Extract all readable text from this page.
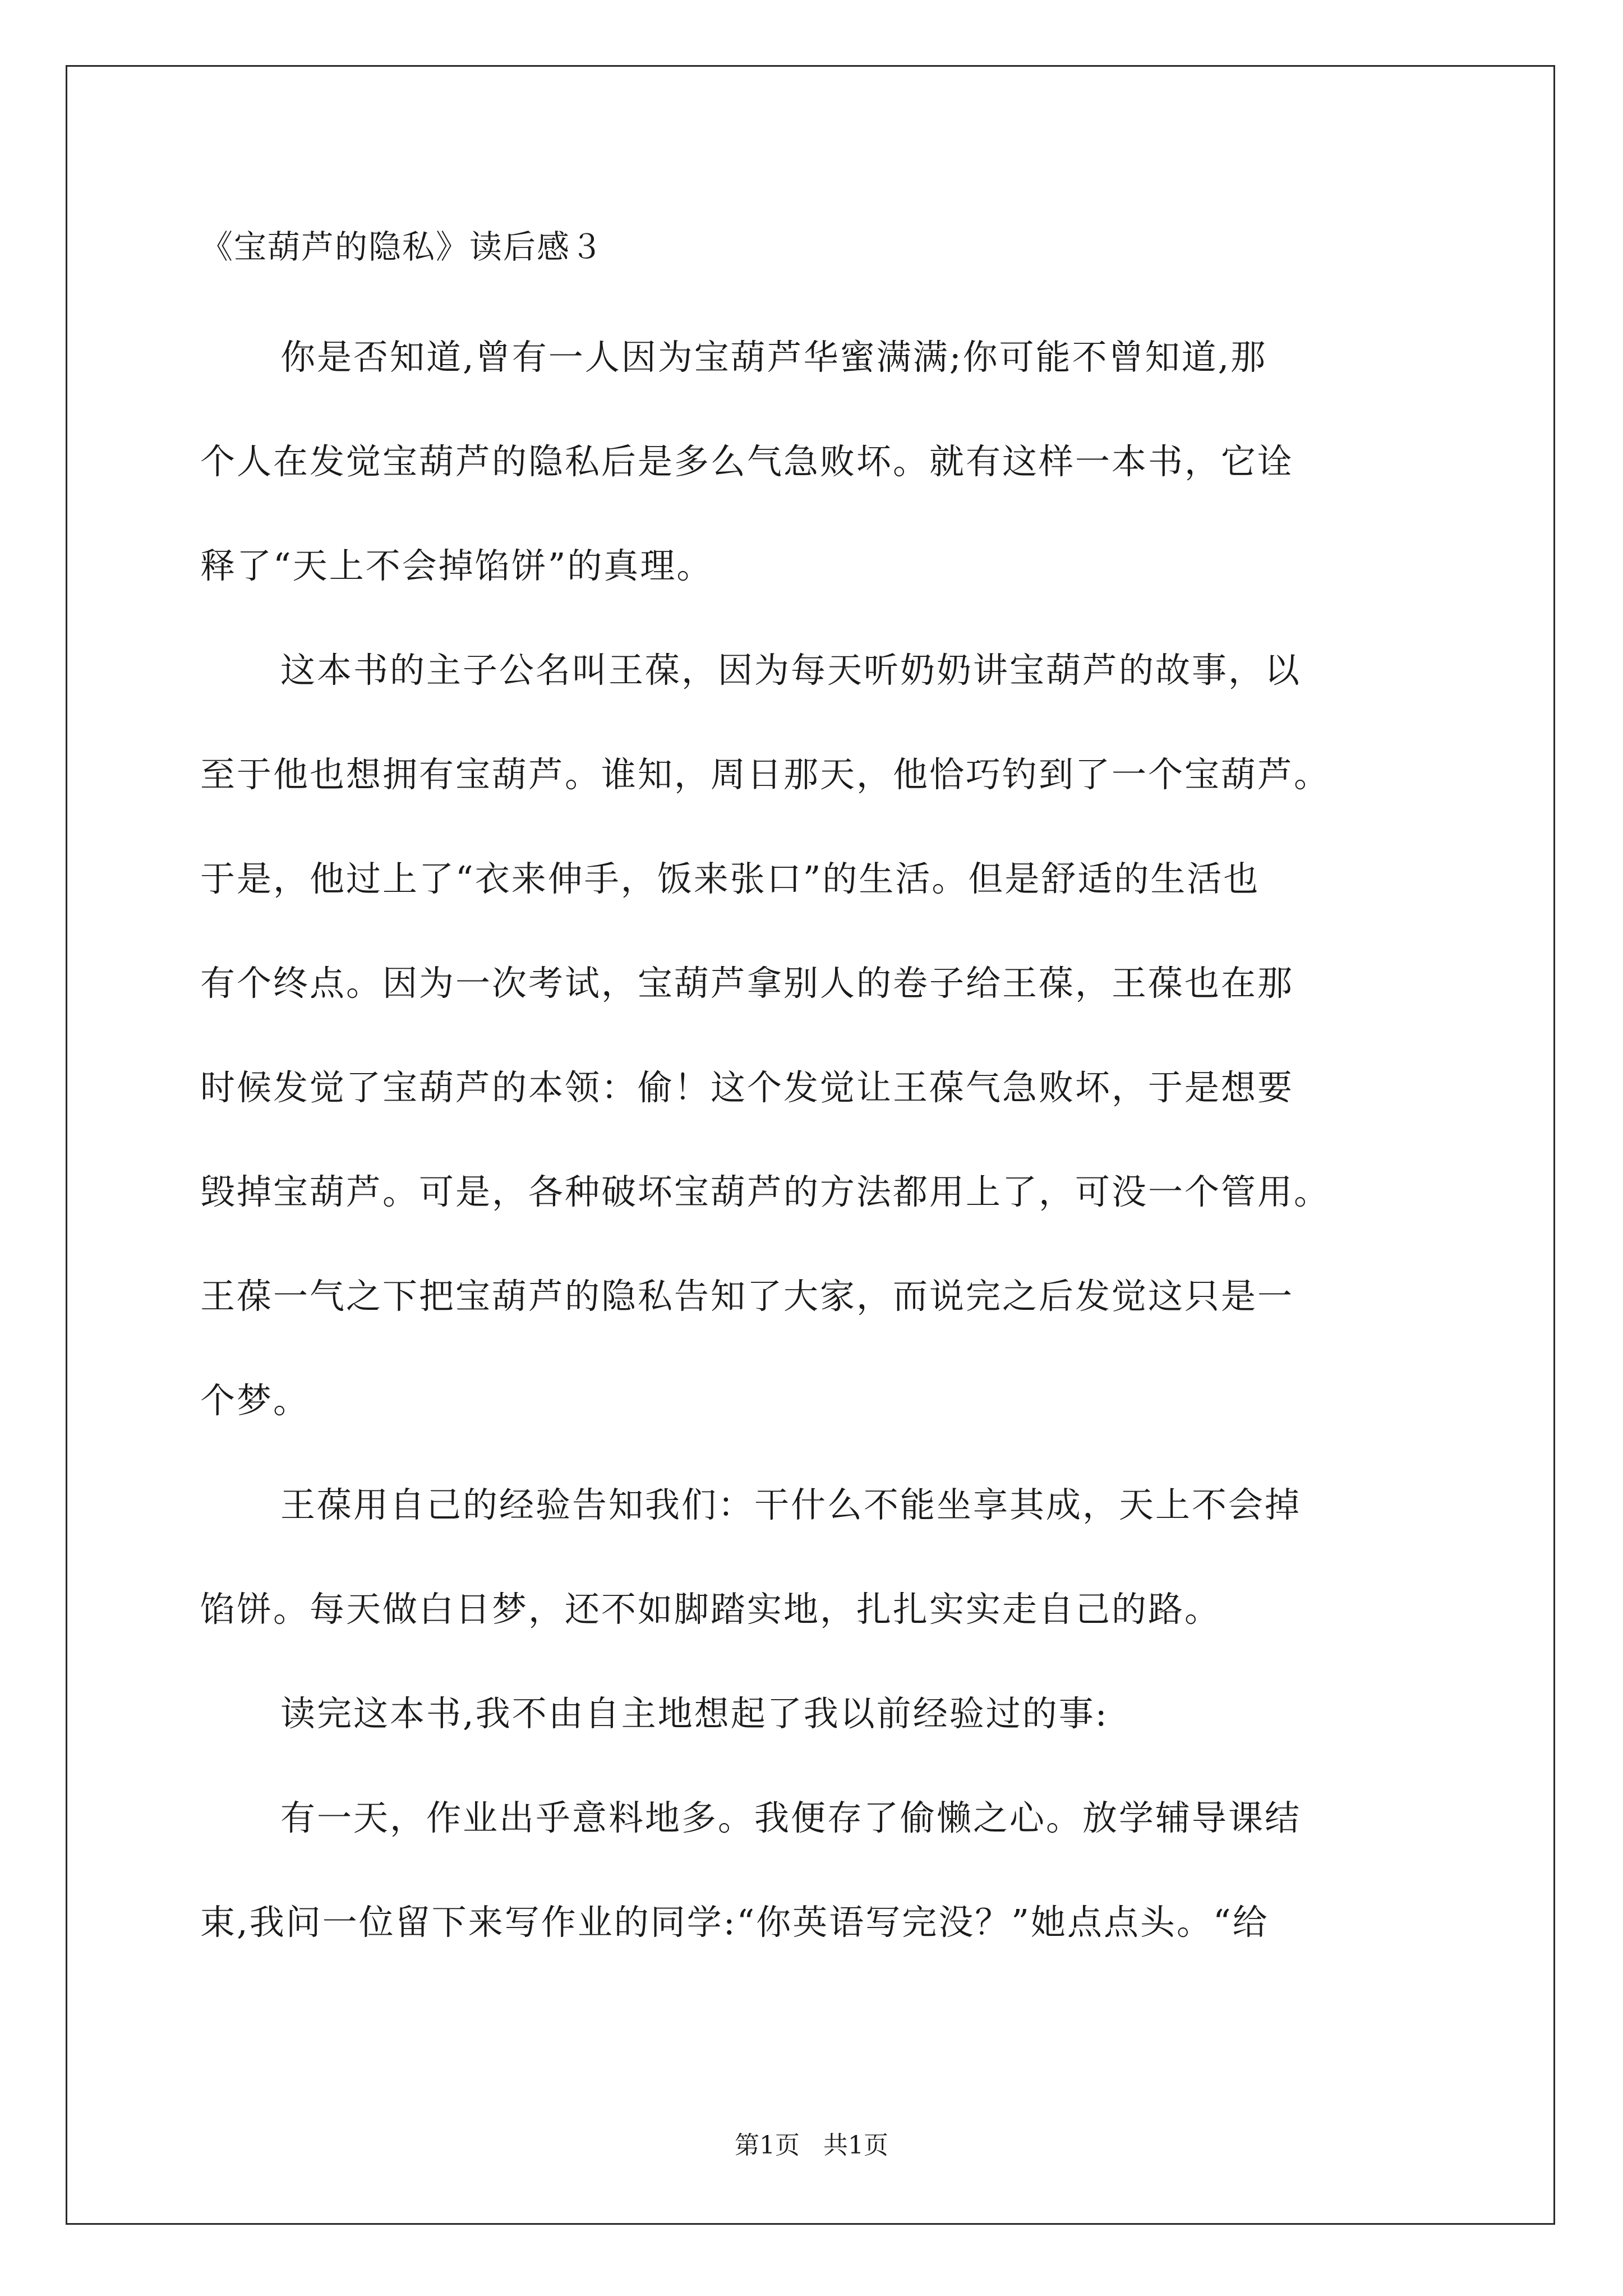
《宝葫芦的隐私》读后感３
你是否知道,曾有一人因为宝葫芦华蜜满满;你可能不曾知道,那
个人在发觉宝葫芦的隐私后是多么气急败坏。就有这样一本书，它诠
释了“天上不会掉馅饼”的真理。
这本书的主子公名叫王葆，因为每天听奶奶讲宝葫芦的故事，以
至于他也想拥有宝葫芦。谁知，周日那天，他恰巧钓到了一个宝葫芦。
于是，他过上了“衣来伸手，饭来张口”的生活。但是舒适的生活也
有个终点。因为一次考试，宝葫芦拿别人的卷子给王葆，王葆也在那
时候发觉了宝葫芦的本领：偷！这个发觉让王葆气急败坏，于是想要
毁掉宝葫芦。可是，各种破坏宝葫芦的方法都用上了，可没一个管用。
王葆一气之下把宝葫芦的隐私告知了大家，而说完之后发觉这只是一
个梦。
王葆用自己的经验告知我们：干什么不能坐享其成，天上不会掉
馅饼。每天做白日梦，还不如脚踏实地，扎扎实实走自己的路。
读完这本书,我不由自主地想起了我以前经验过的事:
有一天，作业出乎意料地多。我便存了偷懒之心。放学辅导课结
束,我问一位留下来写作业的同学:“你英语写完没？”她点点头。“给
第1页 共1页
